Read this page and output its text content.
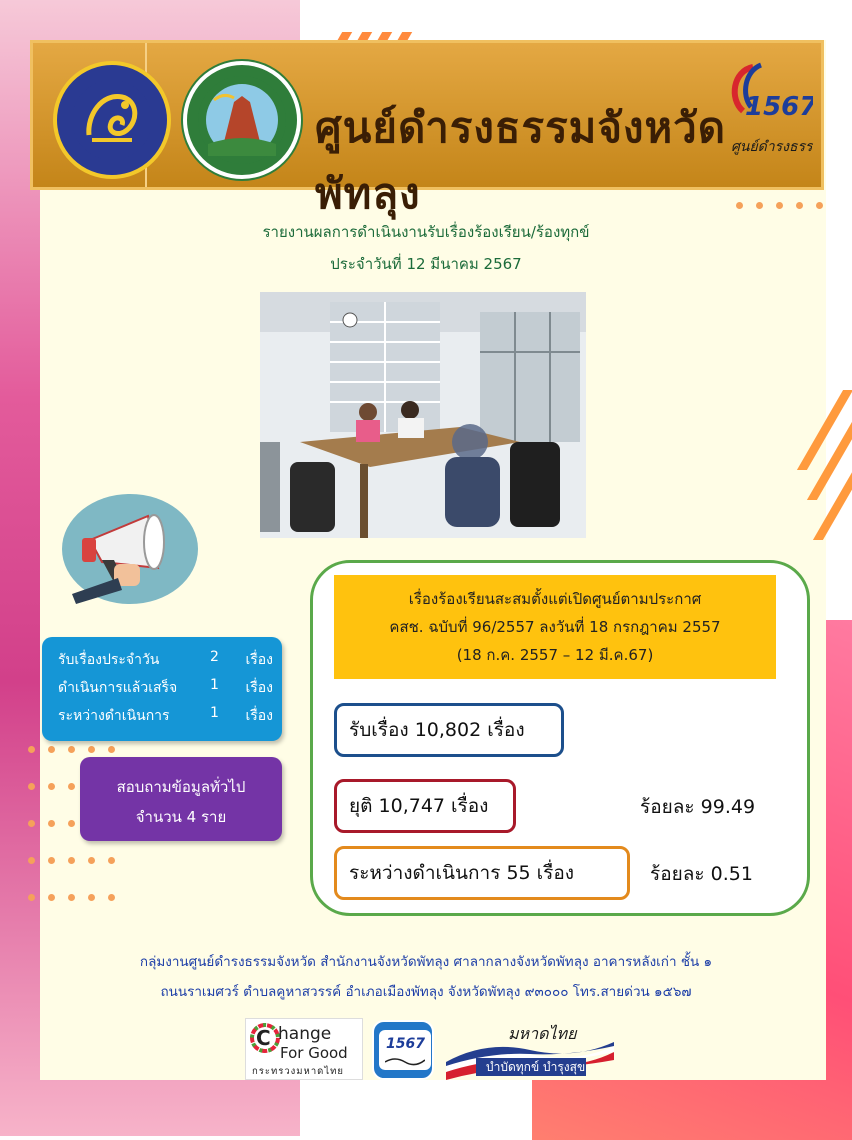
ศูนย์ดำรงธรรมจังหวัดพัทลุง
1567
ศูนย์ดำรงธรรม
รายงานผลการดำเนินงานรับเรื่องร้องเรียน/ร้องทุกข์
ประจำวันที่ 12 มีนาคม 2567
รับเรื่องประจำวัน	2 เรื่อง
ดำเนินการแล้วเสร็จ 1 เรื่อง
ระหว่างดำเนินการ	1 เรื่อง
สอบถามข้อมูลทั่วไป
จำนวน 4 ราย
เรื่องร้องเรียนสะสมตั้งแต่เปิดศูนย์ตามประกาศ
คสช. ฉบับที่ 96/2557 ลงวันที่ 18 กรกฎาคม 2557
(18 ก.ค. 2557 – 12 มี.ค.67)
รับเรื่อง 10,802 เรื่อง
ยุติ 10,747 เรื่อง	ร้อยละ 99.49
ระหว่างดำเนินการ 55 เรื่อง	ร้อยละ 0.51
กลุ่มงานศูนย์ดำรงธรรมจังหวัด สำนักงานจังหวัดพัทลุง ศาลากลางจังหวัดพัทลุง อาคารหลังเก่า ชั้น ๑
ถนนราเมศวร์ ตำบลคูหาสวรรค์ อำเภอเมืองพัทลุง จังหวัดพัทลุง ๙๓๐๐๐ โทร.สายด่วน ๑๕๖๗
C hange
For Good
กระทรวงมหาดไทย
1567
มหาดไทย
บำบัดทุกข์ บำรุงสุข
